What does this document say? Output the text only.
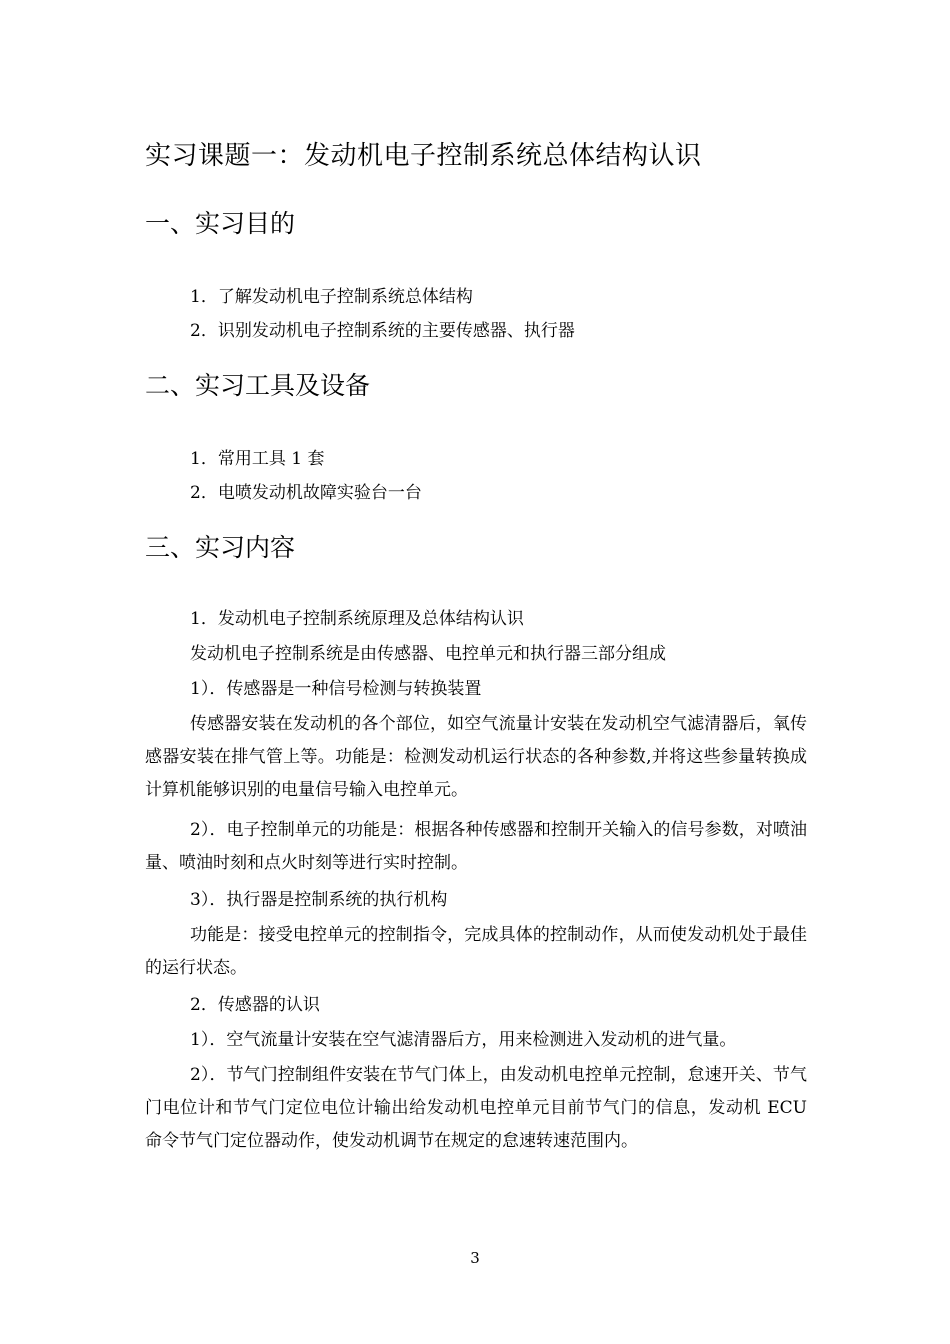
实习课题一：发动机电子控制系统总体结构认识
一、实习目的
1．了解发动机电子控制系统总体结构
2．识别发动机电子控制系统的主要传感器、执行器
二、实习工具及设备
1．常用工具 1 套
2．电喷发动机故障实验台一台
三、实习内容
1．发动机电子控制系统原理及总体结构认识
发动机电子控制系统是由传感器、电控单元和执行器三部分组成
1）．传感器是一种信号检测与转换装置
传感器安装在发动机的各个部位，如空气流量计安装在发动机空气滤清器后，氧传感器安装在排气管上等。功能是：检测发动机运行状态的各种参数,并将这些参量转换成计算机能够识别的电量信号输入电控单元。
2）．电子控制单元的功能是：根据各种传感器和控制开关输入的信号参数，对喷油量、喷油时刻和点火时刻等进行实时控制。
3）．执行器是控制系统的执行机构
功能是：接受电控单元的控制指令，完成具体的控制动作，从而使发动机处于最佳的运行状态。
2．传感器的认识
1）．空气流量计安装在空气滤清器后方，用来检测进入发动机的进气量。
2）．节气门控制组件安装在节气门体上，由发动机电控单元控制，怠速开关、节气门电位计和节气门定位电位计输出给发动机电控单元目前节气门的信息，发动机 ECU 命令节气门定位器动作，使发动机调节在规定的怠速转速范围内。
3
